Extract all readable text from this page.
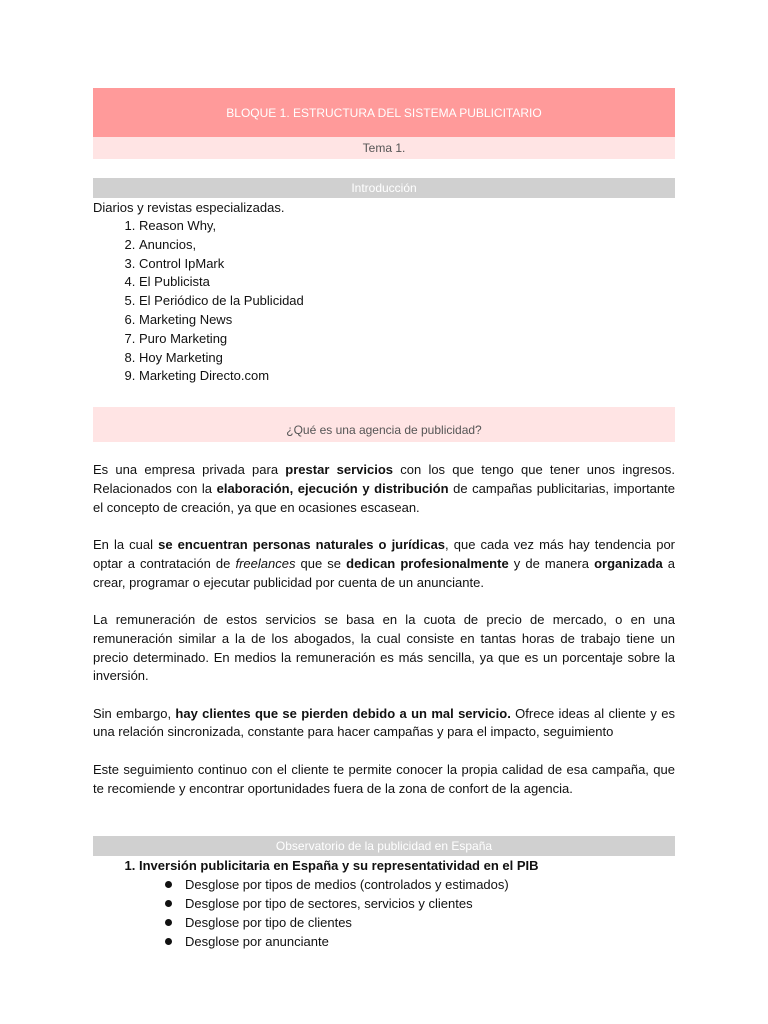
BLOQUE 1. ESTRUCTURA DEL SISTEMA PUBLICITARIO
Tema 1.
Introducción
Diarios y revistas especializadas.
1. Reason Why,
2. Anuncios,
3. Control IpMark
4. El Publicista
5. El Periódico de la Publicidad
6. Marketing News
7. Puro Marketing
8. Hoy Marketing
9. Marketing Directo.com
¿Qué es una agencia de publicidad?

Es una empresa privada para prestar servicios con los que tengo que tener unos ingresos. Relacionados con la elaboración, ejecución y distribución de campañas publicitarias, importante el concepto de creación, ya que en ocasiones escasean.

En la cual se encuentran personas naturales o jurídicas, que cada vez más hay tendencia por optar a contratación de freelances que se dedican profesionalmente y de manera organizada a crear, programar o ejecutar publicidad por cuenta de un anunciante.

La remuneración de estos servicios se basa en la cuota de precio de mercado, o en una remuneración similar a la de los abogados, la cual consiste en tantas horas de trabajo tiene un precio determinado. En medios la remuneración es más sencilla, ya que es un porcentaje sobre la inversión.

Sin embargo, hay clientes que se pierden debido a un mal servicio. Ofrece ideas al cliente y es una relación sincronizada, constante para hacer campañas y para el impacto, seguimiento

Este seguimiento continuo con el cliente te permite conocer la propia calidad de esa campaña, que te recomiende y encontrar oportunidades fuera de la zona de confort de la agencia.

Observatorio de la publicidad en España
1. Inversión publicitaria en España y su representatividad en el PIB
Desglose por tipos de medios (controlados y estimados)
Desglose por tipo de sectores, servicios y clientes
Desglose por tipo de clientes
Desglose por anunciante
